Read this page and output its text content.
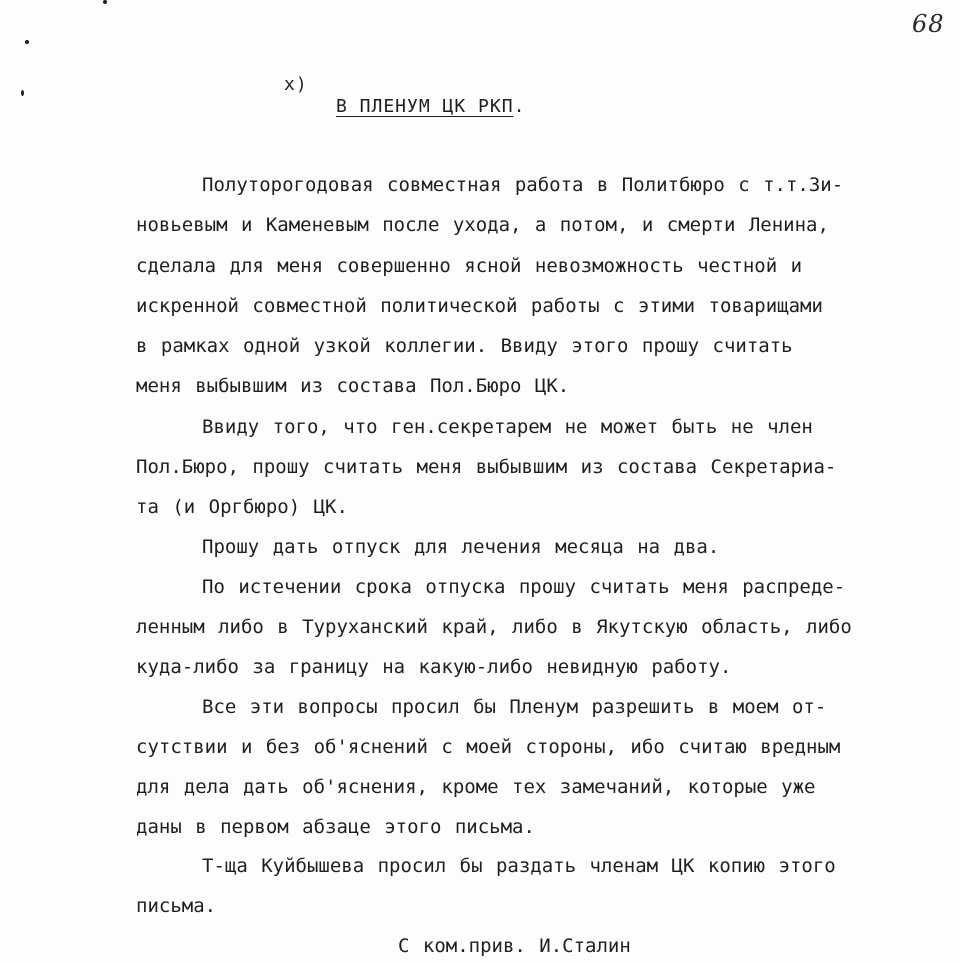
68
x)
В ПЛЕНУМ ЦК РКП.
Полуторогодовая совместная работа в Политбюро с т.т.Зи-
новьевым и Каменевым после ухода, а потом, и смерти Ленина,
сделала для меня совершенно ясной невозможность честной и
искренной совместной политической работы с этими товарищами
в рамках одной узкой коллегии. Ввиду этого прошу считать
меня выбывшим из состава Пол.Бюро ЦК.
Ввиду того, что ген.секретарем не может быть не член
Пол.Бюро, прошу считать меня выбывшим из состава Секретариа-
та (и Оргбюро) ЦК.
Прошу дать отпуск для лечения месяца на два.
По истечении срока отпуска прошу считать меня распреде-
ленным либо в Туруханский край, либо в Якутскую область, либо
куда-либо за границу на какую-либо невидную работу.
Все эти вопросы просил бы Пленум разрешить в моем от-
сутствии и без об'яснений с моей стороны, ибо считаю вредным
для дела дать об'яснения, кроме тех замечаний, которые уже
даны в первом абзаце этого письма.
Т-ща Куйбышева просил бы раздать членам ЦК копию этого
письма.
С ком.прив. И.Сталин
